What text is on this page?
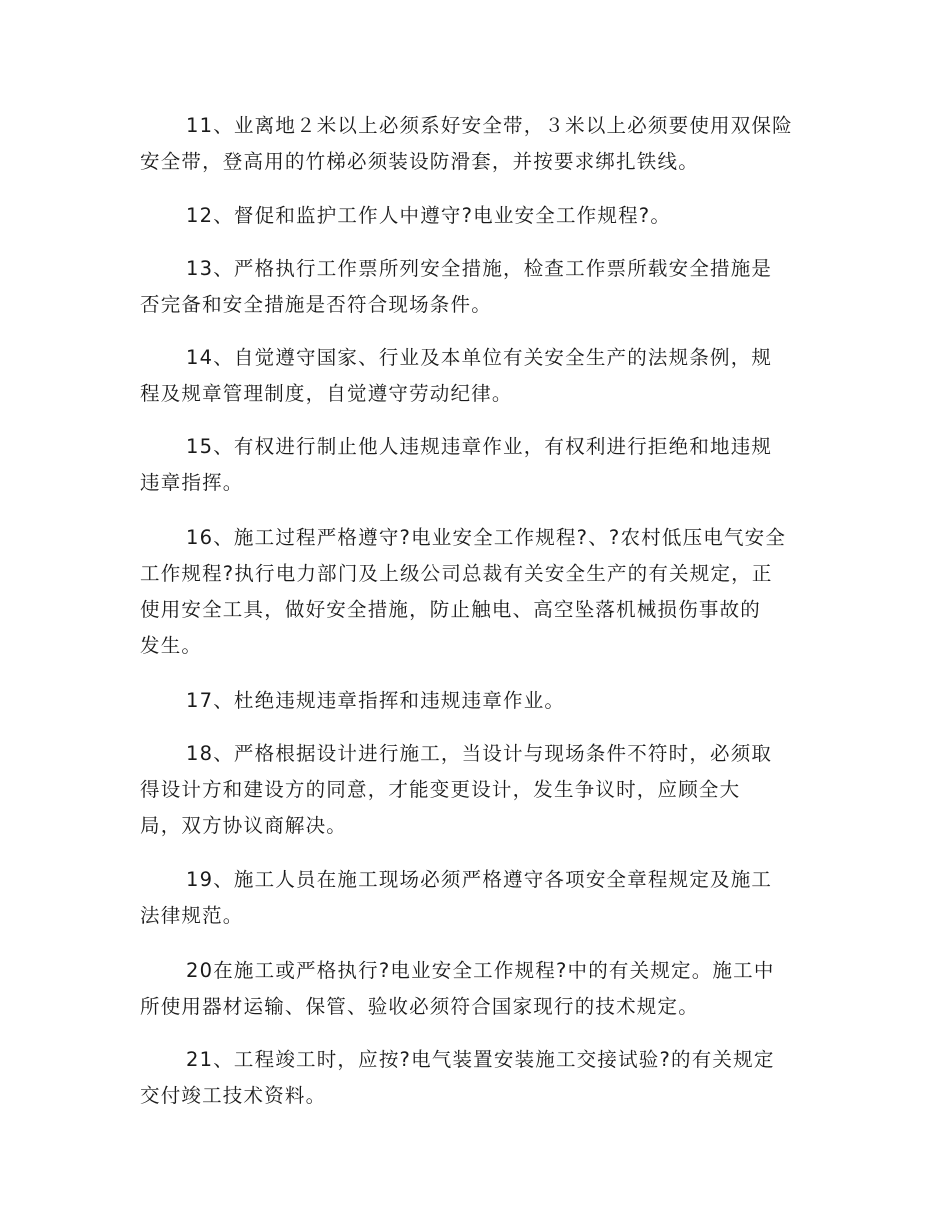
11、业离地２米以上必须系好安全带，３米以上必须要使用双保险
安全带，登高用的竹梯必须装设防滑套，并按要求绑扎铁线。
12、督促和监护工作人中遵守?电业安全工作规程?。
13、严格执行工作票所列安全措施，检查工作票所载安全措施是
否完备和安全措施是否符合现场条件。
14、自觉遵守国家、行业及本单位有关安全生产的法规条例，规
程及规章管理制度，自觉遵守劳动纪律。
15、有权进行制止他人违规违章作业，有权利进行拒绝和地违规
违章指挥。
16、施工过程严格遵守?电业安全工作规程?、?农村低压电气安全
工作规程?执行电力部门及上级公司总裁有关安全生产的有关规定，正
使用安全工具，做好安全措施，防止触电、高空坠落机械损伤事故的
发生。
17、杜绝违规违章指挥和违规违章作业。
18、严格根据设计进行施工，当设计与现场条件不符时，必须取
得设计方和建设方的同意，才能变更设计，发生争议时，应顾全大
局，双方协议商解决。
19、施工人员在施工现场必须严格遵守各项安全章程规定及施工
法律规范。
20在施工或严格执行?电业安全工作规程?中的有关规定。施工中
所使用器材运输、保管、验收必须符合国家现行的技术规定。
21、工程竣工时，应按?电气装置安装施工交接试验?的有关规定
交付竣工技术资料。
